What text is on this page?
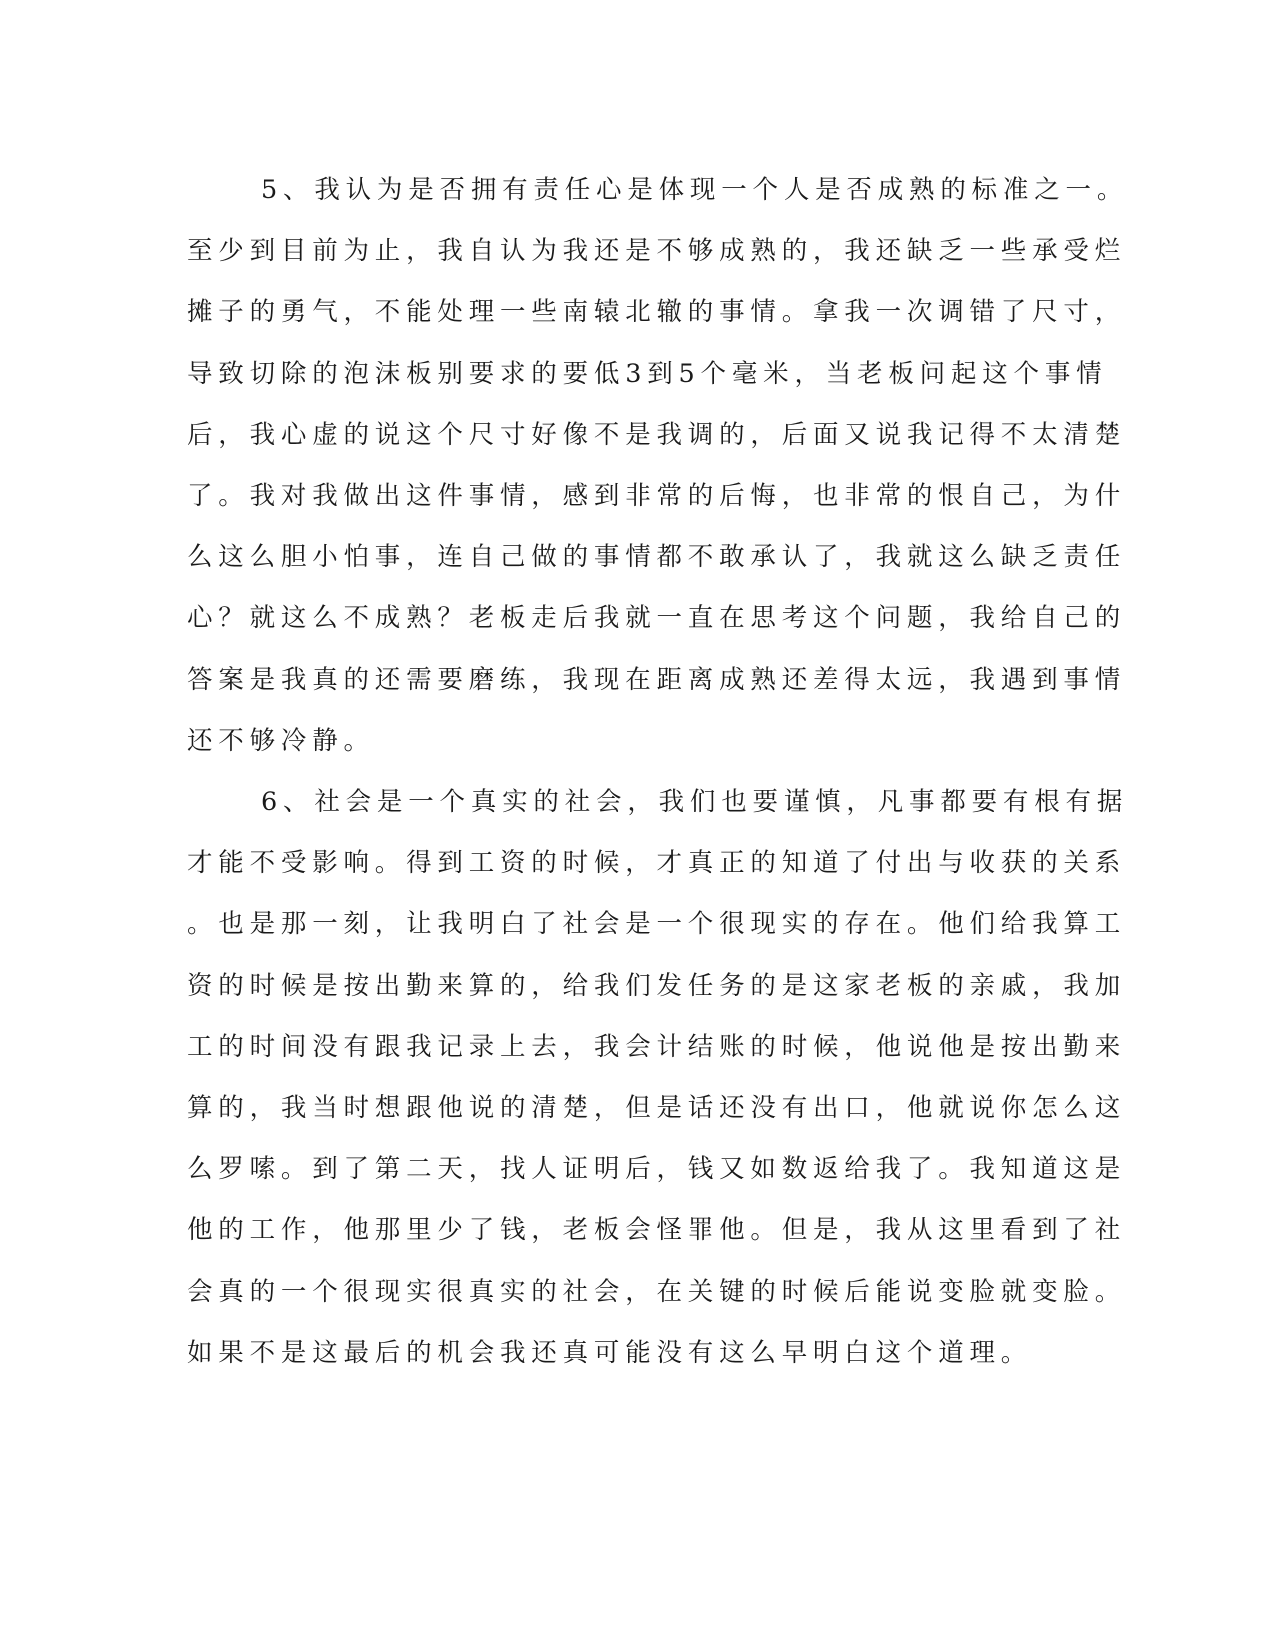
5、我认为是否拥有责任心是体现一个人是否成熟的标准之一。
至少到目前为止，我自认为我还是不够成熟的，我还缺乏一些承受烂
摊子的勇气，不能处理一些南辕北辙的事情。拿我一次调错了尺寸，
导致切除的泡沫板别要求的要低3到5个毫米，当老板问起这个事情
后，我心虚的说这个尺寸好像不是我调的，后面又说我记得不太清楚
了。我对我做出这件事情，感到非常的后悔，也非常的恨自己，为什
么这么胆小怕事，连自己做的事情都不敢承认了，我就这么缺乏责任
心？就这么不成熟？老板走后我就一直在思考这个问题，我给自己的
答案是我真的还需要磨练，我现在距离成熟还差得太远，我遇到事情
还不够冷静。
6、社会是一个真实的社会，我们也要谨慎，凡事都要有根有据
才能不受影响。得到工资的时候，才真正的知道了付出与收获的关系
。也是那一刻，让我明白了社会是一个很现实的存在。他们给我算工
资的时候是按出勤来算的，给我们发任务的是这家老板的亲戚，我加
工的时间没有跟我记录上去，我会计结账的时候，他说他是按出勤来
算的，我当时想跟他说的清楚，但是话还没有出口，他就说你怎么这
么罗嗦。到了第二天，找人证明后，钱又如数返给我了。我知道这是
他的工作，他那里少了钱，老板会怪罪他。但是，我从这里看到了社
会真的一个很现实很真实的社会，在关键的时候后能说变脸就变脸。
如果不是这最后的机会我还真可能没有这么早明白这个道理。
